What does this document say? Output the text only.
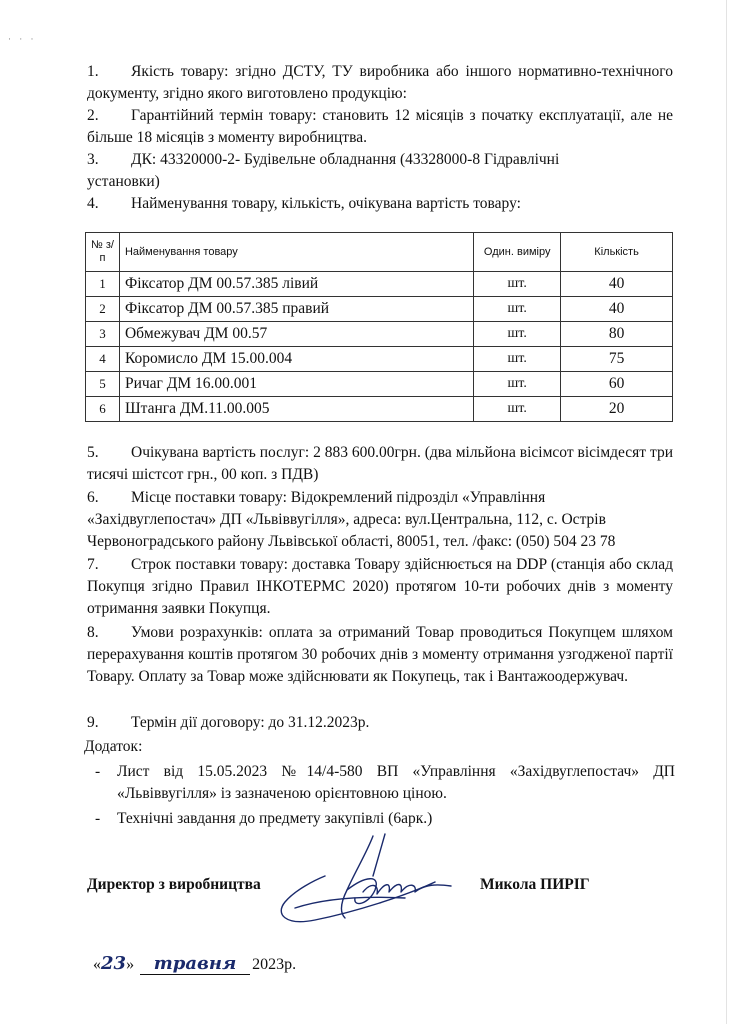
· · ·
1. Якість товару: згідно ДСТУ, ТУ виробника або іншого нормативно-технічного документу, згідно якого виготовлено продукцію:
2. Гарантійний термін товару: становить 12 місяців з початку експлуатації, але не більше 18 місяців з моменту виробництва.
3. ДК: 43320000-2- Будівельне обладнання (43328000-8 Гідравлічні установки)
4. Найменування товару, кількість, очікувана вартість товару:
№ з/п	Найменування товару	Один. виміру	Кількість
1	Фіксатор ДМ 00.57.385 лівий	шт.	40
2	Фіксатор ДМ 00.57.385 правий	шт.	40
3	Обмежувач ДМ 00.57	шт.	80
4	Коромисло ДМ 15.00.004	шт.	75
5	Ричаг ДМ 16.00.001	шт.	60
6	Штанга ДМ.11.00.005	шт.	20
5. Очікувана вартість послуг: 2 883 600.00грн. (два мільйона вісімсот вісімдесят три тисячі шістсот грн., 00 коп. з ПДВ)
6. Місце поставки товару: Відокремлений підрозділ «Управління «Західвуглепостач» ДП «Львіввугілля», адреса: вул.Центральна, 112, с. Острів Червоноградського району Львівської області, 80051, тел. /факс: (050) 504 23 78
7. Строк поставки товару: доставка Товару здійснюється на DDP (станція або склад Покупця згідно Правил ІНКОТЕРМС 2020) протягом 10-ти робочих днів з моменту отримання заявки Покупця.
8. Умови розрахунків: оплата за отриманий Товар проводиться Покупцем шляхом перерахування коштів протягом 30 робочих днів з моменту отримання узгодженої партії Товару. Оплату за Товар може здійснювати як Покупець, так і Вантажоодержувач.
9. Термін дії договору: до 31.12.2023р.
Додаток:
- Лист від 15.05.2023 №14/4-580 ВП «Управління «Західвуглепостач» ДП «Львіввугілля» із зазначеною орієнтовною ціною.
- Технічні завдання до предмету закупівлі (6арк.)
Директор з виробництва	Микола ПИРІГ
«23» травня 2023р.
